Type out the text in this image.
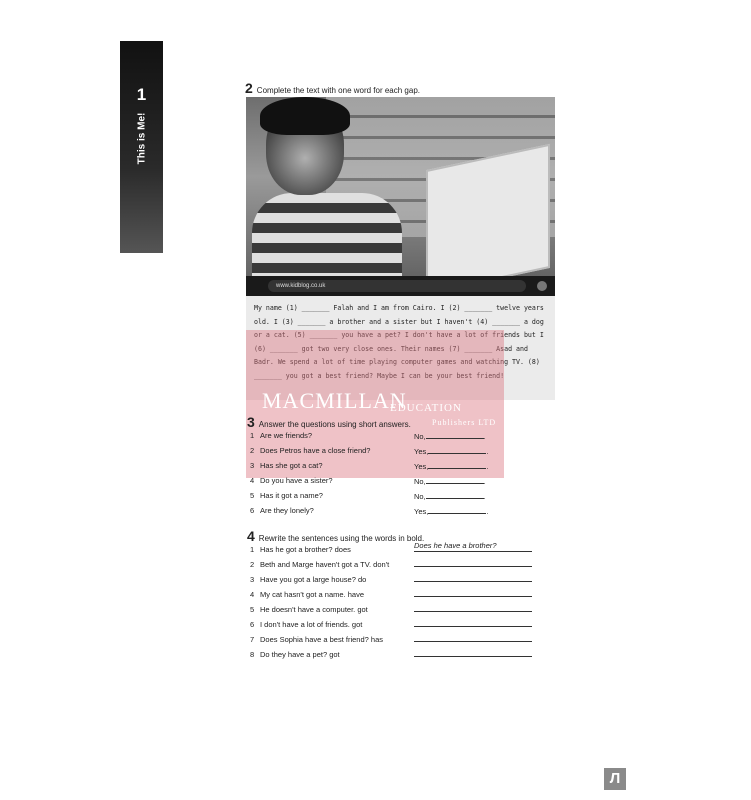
1
This is Me!
2 Complete the text with one word for each gap.
www.kidblog.co.uk

My name (1) _______ Falah and I am from Cairo. I (2) _______ twelve years old. I (3) _______ a brother and a sister but I haven't (4) _______ a dog or a cat. (5) _______ you have a pet? I don't have a lot of friends but I (6) _______ got two very close ones. Their names (7) _______ Asad and Badr. We spend a lot of time playing computer games and watching TV. (8) _______ you got a best friend? Maybe I can be your best friend!

MACMILLAN
EDUCATION
Publishers LTD
3 Answer the questions using short answers.
1 Are we friends?	No,	.
2 Does Petros have a close friend?	Yes,	.
3 Has she got a cat?	Yes,	.
4 Do you have a sister?	No,	.
5 Has it got a name?	No,	.
6 Are they lonely?	Yes,	.
4 Rewrite the sentences using the words in bold.
1 Has he got a brother? does	Does he have a brother?
2 Beth and Marge haven't got a TV. don't
3 Have you got a large house? do
4 My cat hasn't got a name. have
5 He doesn't have a computer. got
6 I don't have a lot of friends. got
7 Does Sophia have a best friend? has
8 Do they have a pet? got
Л
